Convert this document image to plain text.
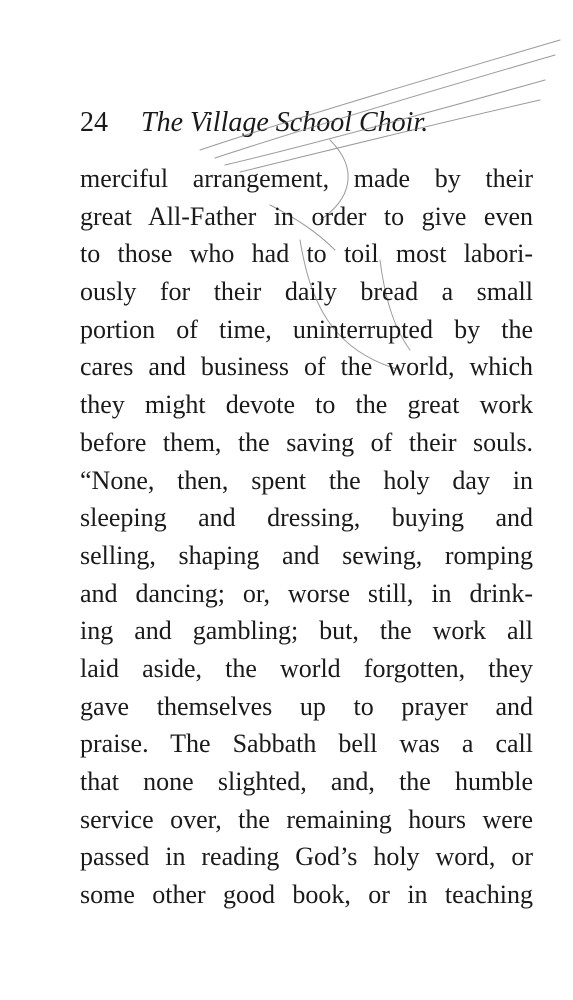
24 The Village School Choir.
merciful arrangement, made by their
great All-Father in order to give even
to those who had to toil most labori-
ously for their daily bread a small
portion of time, uninterrupted by the
cares and business of the world, which
they might devote to the great work
before them, the saving of their souls.
“None, then, spent the holy day in
sleeping and dressing, buying and
selling, shaping and sewing, romping
and dancing; or, worse still, in drink-
ing and gambling; but, the work all
laid aside, the world forgotten, they
gave themselves up to prayer and
praise. The Sabbath bell was a call
that none slighted, and, the humble
service over, the remaining hours were
passed in reading God’s holy word, or
some other good book, or in teaching
